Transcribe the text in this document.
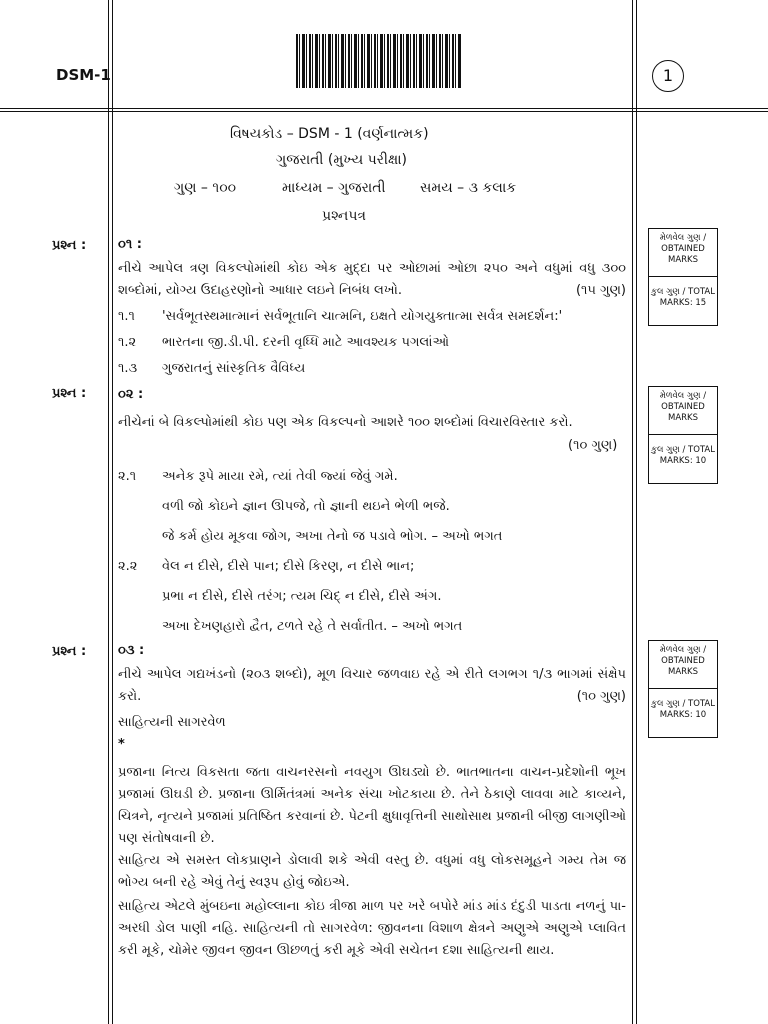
DSM-1	1
વિષયકોડ – DSM - 1 (વર્ણનાત્મક)
ગુજરાતી (મુખ્ય પરીક્ષા)
ગુણ – ૧૦૦	માધ્યમ – ગુજરાતી સમય – ૩ કલાક
પ્રશ્નપત્ર
પ્રશ્ન : ૦૧ :
નીચે આપેલ ત્રણ વિકલ્પોમાંથી કોઇ એક મુદ્દા પર ઓછામાં ઓછા ૨૫૦ અને વધુમાં વધુ ૩૦૦ શબ્દોમાં, યોગ્ય ઉદાહરણોનો આધાર લઇને નિબંધ લખો.	(૧૫ ગુણ)
૧.૧ 'સર્વભૂતસ્થમાત્માનં સર્વભૂતાનિ ચાત્મનિ, ઇક્ષતે યોગયુક્તાત્મા સર્વત્ર સમદર્શન:'
૧.૨ ભારતના જી.ડી.પી. દરની વૃધ્ધિ માટે આવશ્યક પગલાંઓ
૧.૩ ગુજરાતનું સાંસ્કૃતિક વૈવિધ્ય
મેળવેલ ગુણ / OBTAINED MARKS
કુલ ગુણ / TOTAL MARKS: 15
પ્રશ્ન : ૦૨ :
નીચેનાં બે વિકલ્પોમાંથી કોઇ પણ એક વિકલ્પનો આશરે ૧૦૦ શબ્દોમાં વિચારવિસ્તાર કરો.
(૧૦ ગુણ)
૨.૧ અનેક રૂપે માયા રમે, ત્યાં તેવી જ્યાં જેવું ગમે.
વળી જો કોઇને જ્ઞાન ઊપજે, તો જ્ઞાની થઇને ભેળી ભજે.
જે કર્મ હોય મૂકવા જોગ, અખા તેનો જ પડાવે ભોગ. – અખો ભગત
૨.૨ વેલ ન દીસે, દીસે પાન; દીસે કિરણ, ન દીસે ભાન;
પ્રભા ન દીસે, દીસે તરંગ; ત્યમ ચિદ્ ન દીસે, દીસે અંગ.
અખા દેખણહારો દ્વૈત, ટળતે રહે તે સર્વાતીત. – અખો ભગત
મેળવેલ ગુણ / OBTAINED MARKS
કુલ ગુણ / TOTAL MARKS: 10
પ્રશ્ન : ૦૩ :
નીચે આપેલ ગદ્યખંડનો (૨૦૩ શબ્દો), મૂળ વિચાર જળવાઇ રહે એ રીતે લગભગ ૧/૩ ભાગમાં સંક્ષેપ કરો.	(૧૦ ગુણ)
સાહિત્યની સાગરવેળ
*
પ્રજાના નિત્ય વિકસતા જતા વાચનરસનો નવયુગ ઊઘડ્યો છે. ભાતભાતના વાચન-પ્રદેશોની ભૂખ પ્રજામાં ઊઘડી છે. પ્રજાના ઊર્મિતંત્રમાં અનેક સંચા ખોટકાયા છે. તેને ઠેકાણે લાવવા માટે કાવ્યને, ચિત્રને, નૃત્યને પ્રજામાં પ્રતિષ્ઠિત કરવાનાં છે. પેટની ક્ષુધાવૃત્તિની સાથોસાથ પ્રજાની બીજી લાગણીઓ પણ સંતોષવાની છે.
સાહિત્ય એ સમસ્ત લોકપ્રાણને ડોલાવી શકે એવી વસ્તુ છે. વધુમાં વધુ લોકસમૂહને ગમ્ય તેમ જ ભોગ્ય બની રહે એવું તેનું સ્વરૂપ હોવું જોઇએ.
સાહિત્ય એટલે મુંબઇના મહોલ્લાના કોઇ ત્રીજા માળ પર ખરે બપોરે માંડ માંડ દંદુડી પાડતા નળનું પા-અરધી ડોલ પાણી નહિ. સાહિત્યની તો સાગરવેળ: જીવનના વિશાળ ક્ષેત્રને અણુએ અણુએ પ્લાવિત કરી મૂકે, ચોમેર જીવન જીવન ઊછળતું કરી મૂકે એવી સચેતન દશા સાહિત્યની થાય.
મેળવેલ ગુણ / OBTAINED MARKS
કુલ ગુણ / TOTAL MARKS: 10
